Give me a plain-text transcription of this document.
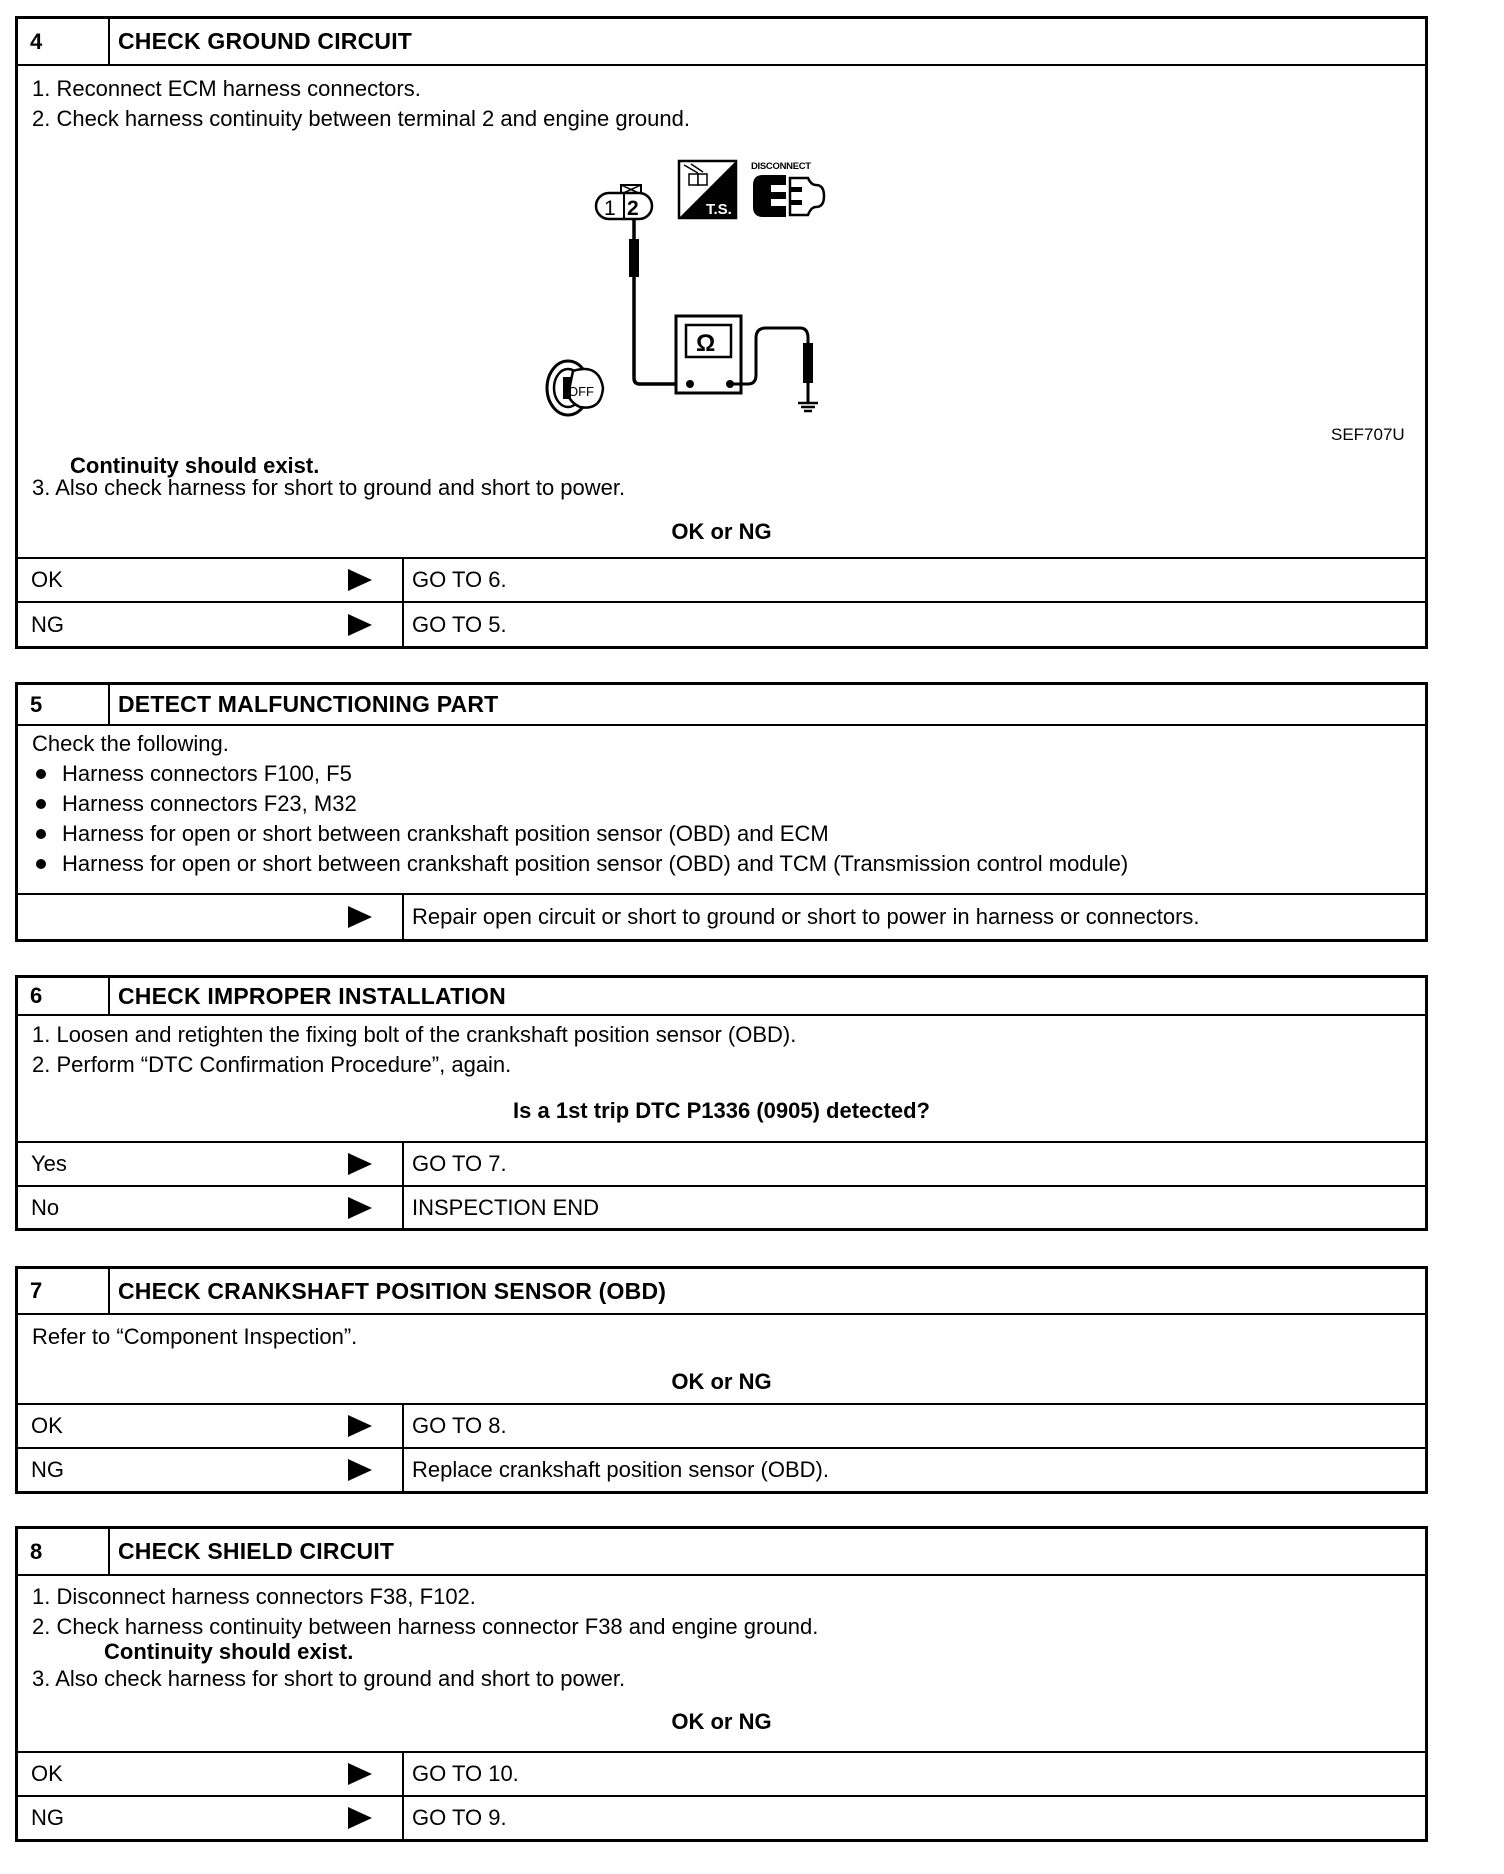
4	CHECK GROUND CIRCUIT
1. Reconnect ECM harness connectors.
2. Check harness continuity between terminal 2 and engine ground.
1 2	T.S.
DISCONNECT
Ω
OFF
SEF707U
Continuity should exist.
3. Also check harness for short to ground and short to power.
OK or NG
OK	GO TO 6.
NG	GO TO 5.
5	DETECT MALFUNCTIONING PART
Check the following.
Harness connectors F100, F5
Harness connectors F23, M32
Harness for open or short between crankshaft position sensor (OBD) and ECM
Harness for open or short between crankshaft position sensor (OBD) and TCM (Transmission control module)
Repair open circuit or short to ground or short to power in harness or connectors.
6	CHECK IMPROPER INSTALLATION
1. Loosen and retighten the fixing bolt of the crankshaft position sensor (OBD).
2. Perform “DTC Confirmation Procedure”, again.
Is a 1st trip DTC P1336 (0905) detected?
Yes	GO TO 7.
No	INSPECTION END
7	CHECK CRANKSHAFT POSITION SENSOR (OBD)
Refer to “Component Inspection”.
OK or NG
OK	GO TO 8.
NG	Replace crankshaft position sensor (OBD).
8	CHECK SHIELD CIRCUIT
1. Disconnect harness connectors F38, F102.
2. Check harness continuity between harness connector F38 and engine ground.
Continuity should exist.
3. Also check harness for short to ground and short to power.
OK or NG
OK	GO TO 10.
NG	GO TO 9.
